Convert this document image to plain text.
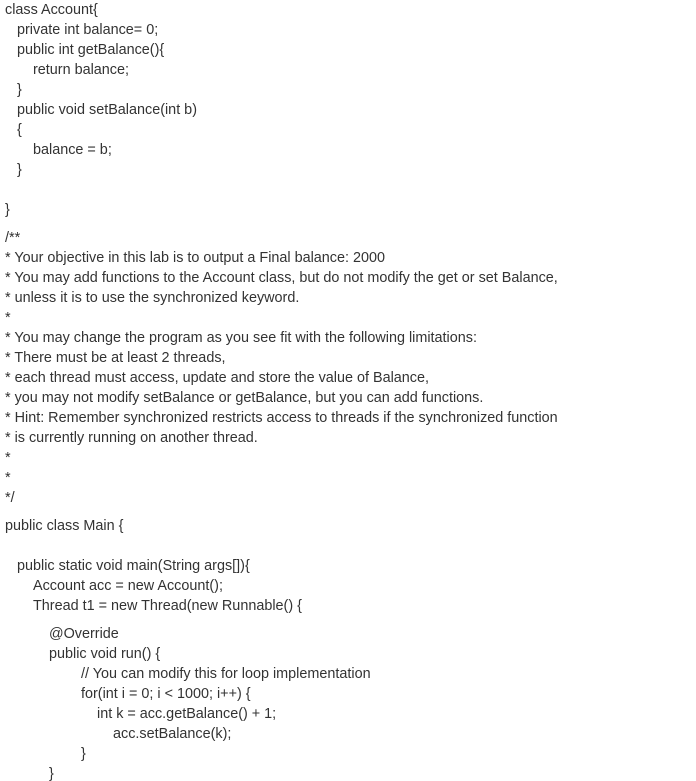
class Account{
private int balance= 0;
public int getBalance(){
return balance;
}
public void setBalance(int b)
{
balance = b;
}
}
/**
* Your objective in this lab is to output a Final balance: 2000
* You may add functions to the Account class, but do not modify the get or set Balance,
* unless it is to use the synchronized keyword.
*
* You may change the program as you see fit with the following limitations:
* There must be at least 2 threads,
* each thread must access, update and store the value of Balance,
* you may not modify setBalance or getBalance, but you can add functions.
* Hint: Remember synchronized restricts access to threads if the synchronized function
* is currently running on another thread.
*
*
*/
public class Main {
public static void main(String args[]){
Account acc = new Account();
Thread t1 = new Thread(new Runnable() {
@Override
public void run() {
// You can modify this for loop implementation
for(int i = 0; i < 1000; i++) {
int k = acc.getBalance() + 1;
acc.setBalance(k);
}
}
